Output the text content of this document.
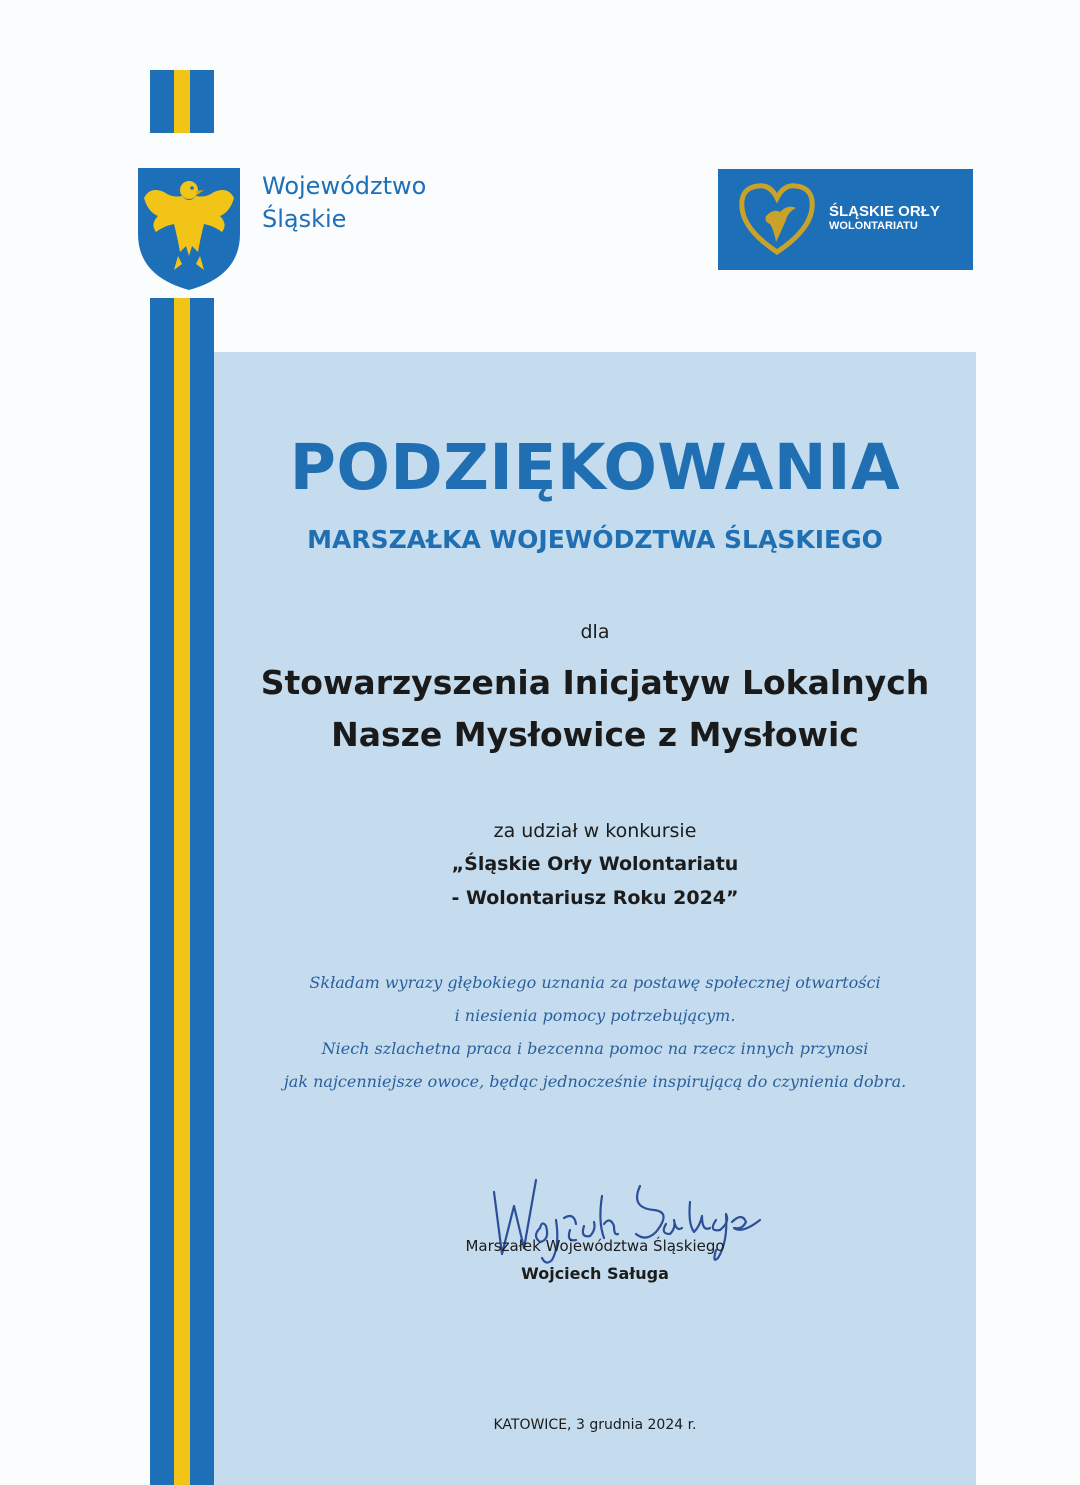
Województwo
Śląskie	ŚLĄSKIE ORŁY
WOLONTARIATU
PODZIĘKOWANIA
MARSZAŁKA WOJEWÓDZTWA ŚLĄSKIEGO
dla
Stowarzyszenia Inicjatyw Lokalnych
Nasze Mysłowice z Mysłowic
za udział w konkursie
„Śląskie Orły Wolontariatu
- Wolontariusz Roku 2024”
Składam wyrazy głębokiego uznania za postawę społecznej otwartości
i niesienia pomocy potrzebującym.
Niech szlachetna praca i bezcenna pomoc na rzecz innych przynosi
jak najcenniejsze owoce, będąc jednocześnie inspirującą do czynienia dobra.
Marszałek Województwa Śląskiego
Wojciech Saługa
KATOWICE, 3 grudnia 2024 r.
